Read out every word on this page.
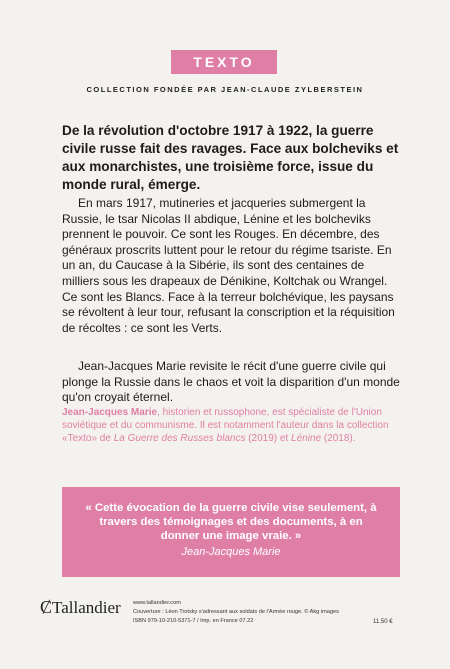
TEXTO
COLLECTION FONDÉE PAR JEAN-CLAUDE ZYLBERSTEIN

De la révolution d'octobre 1917 à 1922, la guerre civile russe fait des ravages. Face aux bolcheviks et aux monarchistes, une troisième force, issue du monde rural, émerge.

En mars 1917, mutineries et jacqueries submergent la Russie, le tsar Nicolas II abdique, Lénine et les bolcheviks prennent le pouvoir. Ce sont les Rouges. En décembre, des généraux proscrits luttent pour le retour du régime tsariste. En un an, du Caucase à la Sibérie, ils sont des centaines de milliers sous les drapeaux de Dénikine, Koltchak ou Wrangel. Ce sont les Blancs. Face à la terreur bolchévique, les paysans se révoltent à leur tour, refusant la conscription et la réquisition de récoltes : ce sont les Verts.

Jean-Jacques Marie revisite le récit d'une guerre civile qui plonge la Russie dans le chaos et voit la disparition d'un monde qu'on croyait éternel.

Jean-Jacques Marie, historien et russophone, est spécialiste de l'Union soviétique et du communisme. Il est notamment l'auteur dans la collection «Texto» de La Guerre des Russes blancs (2019) et Lénine (2018).

« Cette évocation de la guerre civile vise seulement, à travers des témoignages et des documents, à en donner une image vraie. »

Jean-Jacques Marie
ȻTallandier www.tallandier.com
Couverture : Léon Trotsky s'adressant aux soldats de l'Armée rouge. © Akg images
ISBN 979-10-210-5371-7 / Imp. en France 07.22	11.50 €
